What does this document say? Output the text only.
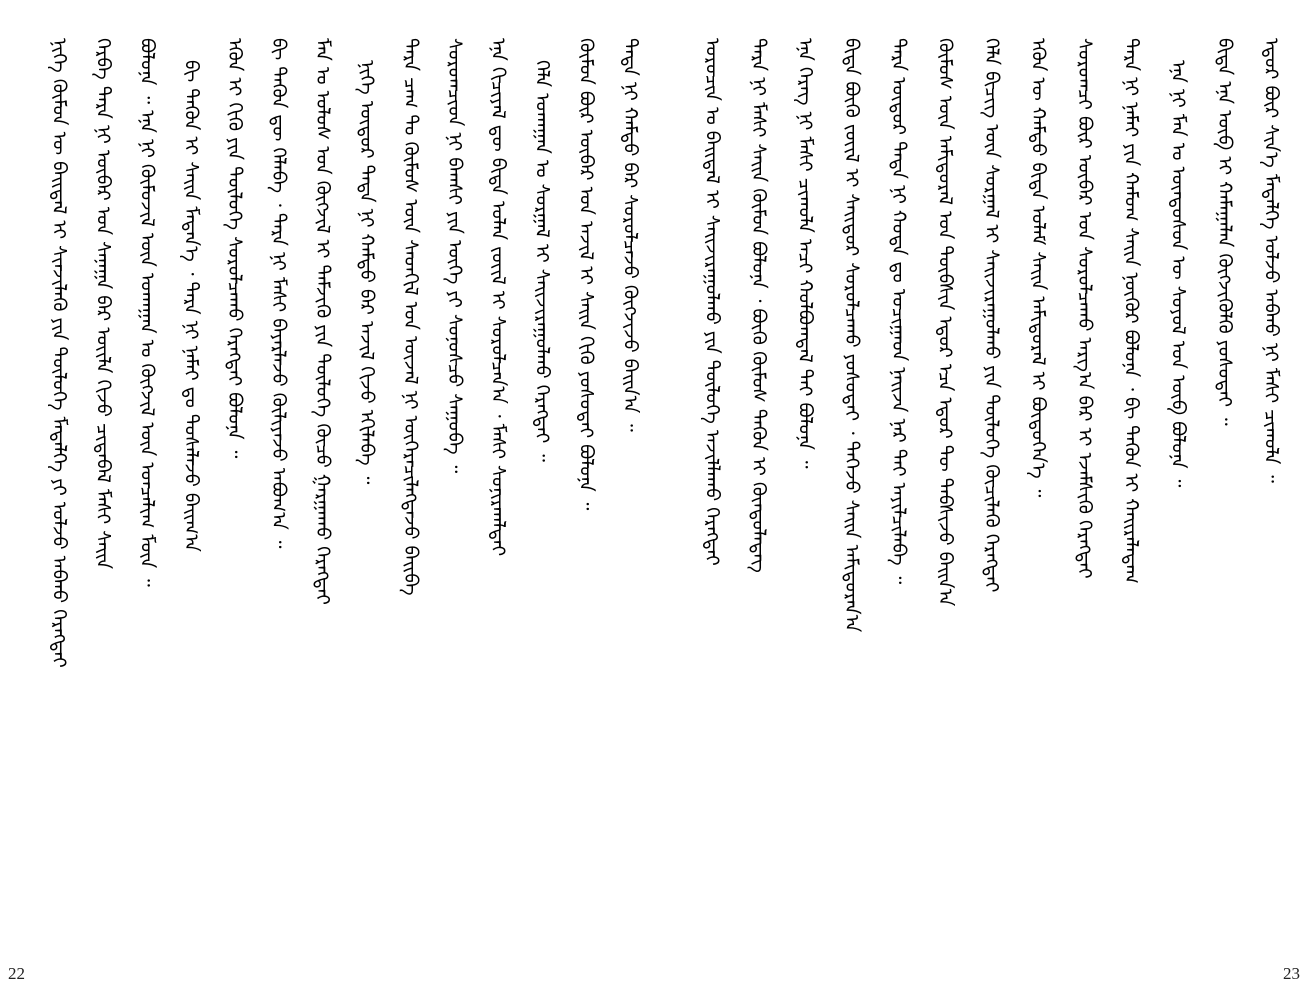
ᠨᠢᠭᠡ ᠬᠦᠮᠦᠨ ᠦ ᠪᠠᠢᠳᠠᠯ ᠢ ᠰᠢᠨᠵᠢᠯᠡᠬᠦ ᠶᠢᠨ ᠲᠥᠯᠥᠭᠡ ᠮᠡᠳᠡᠯᠭᠡ ᠶᠢ ᠣᠯᠵᠤ ᠠᠪᠬᠤ ᠬᠡᠷᠡᠭᠲᠡᠢ	ᠬᠡᠷᠪᠡ ᠲᠡᠷᠡ ᠨᠢ ᠥᠪᠡᠷ ᠤᠨ ᠰᠠᠨᠠᠭᠠ ᠪᠡᠷ ᠦᠢᠯᠡ ᠬᠢᠵᠦ ᠴᠢᠳᠠᠪᠠᠯ ᠮᠠᠰᠢ ᠰᠠᠢᠨ	ᠪᠣᠯᠤᠨᠠ ᠃ ᠡᠨᠡ ᠨᠢ ᠬᠦᠮᠦᠵᠢᠯ ᠦᠨ ᠤᠬᠠᠭᠠᠨ ᠤ ᠬᠥᠭᠵᠢᠯ ᠦᠨ ᠣᠨᠴᠠᠯᠢᠭ ᠮᠥᠨ ᠃	ᠪᠢ ᠲᠡᠭᠦᠨ ᠢ ᠰᠠᠢᠨ ᠮᠡᠳᠡᠨ᠎ᠡ ᠂ ᠲᠡᠷᠡ ᠨᠢ ᠨᠠᠮᠠᠢ ᠳᠤ ᠲᠤᠰᠠᠯᠠᠵᠤ ᠪᠠᠢᠭ᠎ᠠ	ᠡᠭᠦᠨ ᠢ ᠬᠢᠬᠦ ᠶᠢᠨ ᠲᠥᠯᠥᠭᠡ ᠰᠤᠷᠤᠯᠴᠠᠬᠤ ᠬᠡᠷᠡᠭᠲᠡᠢ ᠪᠣᠯᠤᠨᠠ ᠃	ᠪᠢ ᠲᠡᠭᠦᠨ ᠳᠦ ᠬᠡᠯᠡᠪᠡ ᠂ ᠲᠡᠷᠡ ᠨᠢ ᠮᠠᠰᠢ ᠪᠠᠶᠠᠷᠯᠠᠵᠤ ᠬᠦᠯᠢᠶᠡᠵᠦ ᠠᠪᠤᠭ᠎ᠠ ᠃	ᠮᠠᠨ ᠤ ᠤᠯᠤᠰ ᠤᠨ ᠬᠥᠭᠵᠢᠯ ᠢ ᠳᠡᠮᠵᠢᠬᠦ ᠶᠢᠨ ᠲᠥᠯᠥᠭᠡ ᠬᠦᠴᠦ ᠭᠠᠷᠭᠠᠬᠤ ᠬᠡᠷᠡᠭᠲᠡᠢ	ᠨᠢᠭᠡ ᠦᠳᠦᠷ ᠲᠡᠳᠡ ᠨᠢ ᠬᠠᠮᠲᠤ ᠪᠡᠷ ᠠᠵᠢᠯ ᠬᠢᠵᠦ ᠡᠬᠢᠯᠡᠪᠡ ᠃	ᠲᠡᠷᠡ ᠴᠠᠭ ᠲᠤ ᠬᠦᠮᠦᠰ ᠦᠨ ᠰᠡᠳᠬᠢᠯ ᠤᠨ ᠦᠵᠡᠯ ᠨᠢ ᠥᠭᠡᠷᠡᠴᠢᠯᠡᠭᠳᠡᠵᠦ ᠪᠠᠢᠪᠠ	ᠰᠤᠷᠤᠭᠴᠢᠳ ᠨᠢ ᠪᠠᠭᠰᠢ ᠶᠢᠨ ᠦᠭᠡ ᠶᠢ ᠰᠣᠨᠣᠰᠴᠤ ᠰᠠᠭᠤᠪᠠ ᠃	ᠡᠨᠡ ᠬᠢᠴᠢᠶᠡᠯ ᠳᠦ ᠪᠢᠳᠡ ᠣᠯᠠᠨ ᠵᠦᠢᠯ ᠢ ᠰᠤᠷᠤᠯᠴᠠᠨ᠎ᠠ ᠂ ᠮᠠᠰᠢ ᠰᠣᠨᠢᠷᠬᠠᠯᠲᠠᠢ	ᠬᠡᠯᠡ ᠤᠬᠠᠭᠠᠨ ᠤ ᠰᠤᠷᠭᠠᠯ ᠢ ᠰᠠᠢᠵᠢᠷᠠᠭᠤᠯᠬᠤ ᠬᠡᠷᠡᠭᠲᠡᠢ ᠃	ᠬᠦᠮᠦᠨ ᠪᠦᠷ ᠥᠪᠡᠷ ᠤᠨ ᠠᠵᠢᠯ ᠢ ᠰᠠᠢᠨ ᠬᠢᠬᠦ ᠶᠣᠰᠣᠲᠠᠢ ᠪᠣᠯᠤᠨᠠ ᠃	ᠲᠡᠳᠡ ᠨᠢ ᠬᠠᠮᠲᠤ ᠪᠡᠷ ᠰᠤᠷᠤᠯᠴᠠᠵᠤ ᠬᠥᠭᠵᠢᠵᠦ ᠪᠠᠢᠨ᠎ᠠ ᠃
22
ᠣᠷᠣᠴᠢᠨ ᠤ ᠪᠠᠢᠳᠠᠯ ᠢ ᠰᠠᠢᠵᠢᠷᠠᠭᠤᠯᠬᠤ ᠶᠢᠨ ᠲᠥᠯᠥᠭᠡ ᠠᠵᠢᠯᠯᠠᠬᠤ ᠬᠡᠷᠡᠭᠲᠡᠢ	ᠲᠡᠷᠡ ᠨᠢ ᠮᠠᠰᠢ ᠰᠠᠢᠨ ᠬᠦᠮᠦᠨ ᠪᠣᠯᠤᠨᠠ ᠂ ᠪᠦᠬᠦ ᠬᠦᠮᠦᠰ ᠲᠡᠭᠦᠨ ᠢ ᠬᠦᠨᠳᠦᠯᠡᠳᠡᠭ	ᠡᠨᠡ ᠬᠡᠷᠡᠭ ᠨᠢ ᠮᠠᠰᠢ ᠴᠢᠬᠤᠯᠠ ᠠᠴᠢ ᠬᠣᠯᠪᠣᠭᠳᠠᠯ ᠲᠠᠢ ᠪᠣᠯᠤᠨᠠ ᠃	ᠪᠢᠳᠡ ᠪᠦᠬᠦ ᠵᠦᠢᠯ ᠢ ᠰᠠᠢᠳᠤᠷ ᠰᠤᠷᠤᠯᠴᠠᠬᠤ ᠶᠣᠰᠣᠲᠠᠢ ᠂ ᠲᠡᠭᠡᠵᠦ ᠰᠠᠢᠨ ᠠᠮᠢᠳᠤᠷᠠᠨ᠎ᠠ	ᠲᠡᠷᠡ ᠦᠳᠦᠷ ᠲᠡᠳᠡ ᠨᠢ ᠬᠣᠲᠠ ᠳᠤ ᠣᠴᠢᠭᠠᠳ ᠨᠠᠢᠵᠠ ᠨᠠᠷ ᠲᠠᠢ ᠠᠶᠢᠯᠴᠢᠯᠠᠪᠠ ᠃	ᠬᠦᠮᠦᠰ ᠦᠨ ᠠᠮᠢᠳᠤᠷᠠᠯ ᠤᠨ ᠲᠦᠪᠰᠢᠨ ᠡᠳᠦᠷ ᠡᠴᠡ ᠡᠳᠦᠷ ᠲᠦ ᠳᠡᠪᠰᠢᠵᠦ ᠪᠠᠢᠨ᠎ᠠ	ᠬᠡᠯᠡ ᠪᠢᠴᠢᠭ ᠦᠨ ᠰᠤᠷᠭᠠᠯ ᠢ ᠰᠠᠢᠵᠢᠷᠠᠭᠤᠯᠬᠤ ᠶᠢᠨ ᠲᠥᠯᠥᠭᠡ ᠬᠦᠴᠢᠯᠡᠬᠦ ᠬᠡᠷᠡᠭᠲᠡᠢ	ᠡᠭᠦᠨ ᠦ ᠬᠠᠮᠲᠤ ᠪᠢᠳᠡ ᠤᠯᠠᠮ ᠰᠠᠢᠨ ᠠᠮᠢᠳᠤᠷᠠᠯ ᠢ ᠪᠦᠲᠦᠭᠡᠨ᠎ᠡ ᠃	ᠰᠤᠷᠤᠭᠴᠢ ᠪᠦᠷ ᠥᠪᠡᠷ ᠤᠨ ᠰᠤᠷᠤᠯᠴᠠᠬᠤ ᠠᠷᠭ᠎ᠠ ᠪᠠᠷ ᠢ ᠡᠵᠡᠮᠰᠢᠬᠦ ᠬᠡᠷᠡᠭᠲᠡᠢ	ᠲᠡᠷᠡ ᠨᠢ ᠨᠠᠮᠠᠢ ᠶᠢᠨ ᠬᠠᠮᠤᠭ ᠰᠠᠢᠨ ᠨᠥᠬᠥᠷ ᠪᠣᠯᠤᠨᠠ ᠂ ᠪᠢ ᠲᠡᠭᠦᠨ ᠢ ᠬᠠᠢᠷᠠᠯᠠᠳᠠᠭ	ᠡᠨᠡ ᠨᠢ ᠮᠠᠨ ᠤ ᠦᠨᠳᠦᠰᠦᠨ ᠦ ᠰᠣᠶᠣᠯ ᠤᠨ ᠥᠪ ᠪᠣᠯᠤᠨᠠ ᠃	ᠪᠢᠳᠡ ᠡᠨᠡ ᠥᠪ ᠢ ᠬᠠᠮᠠᠭᠠᠯᠠᠨ ᠬᠥᠭᠵᠢᠭᠦᠯᠬᠦ ᠶᠣᠰᠣᠲᠠᠢ ᠃	ᠡᠳᠦᠷ ᠪᠦᠷ ᠰᠢᠨ᠎ᠡ ᠮᠡᠳᠡᠯᠭᠡ ᠣᠯᠵᠤ ᠠᠪᠬᠤ ᠨᠢ ᠮᠠᠰᠢ ᠴᠢᠬᠤᠯᠠ ᠃
23
